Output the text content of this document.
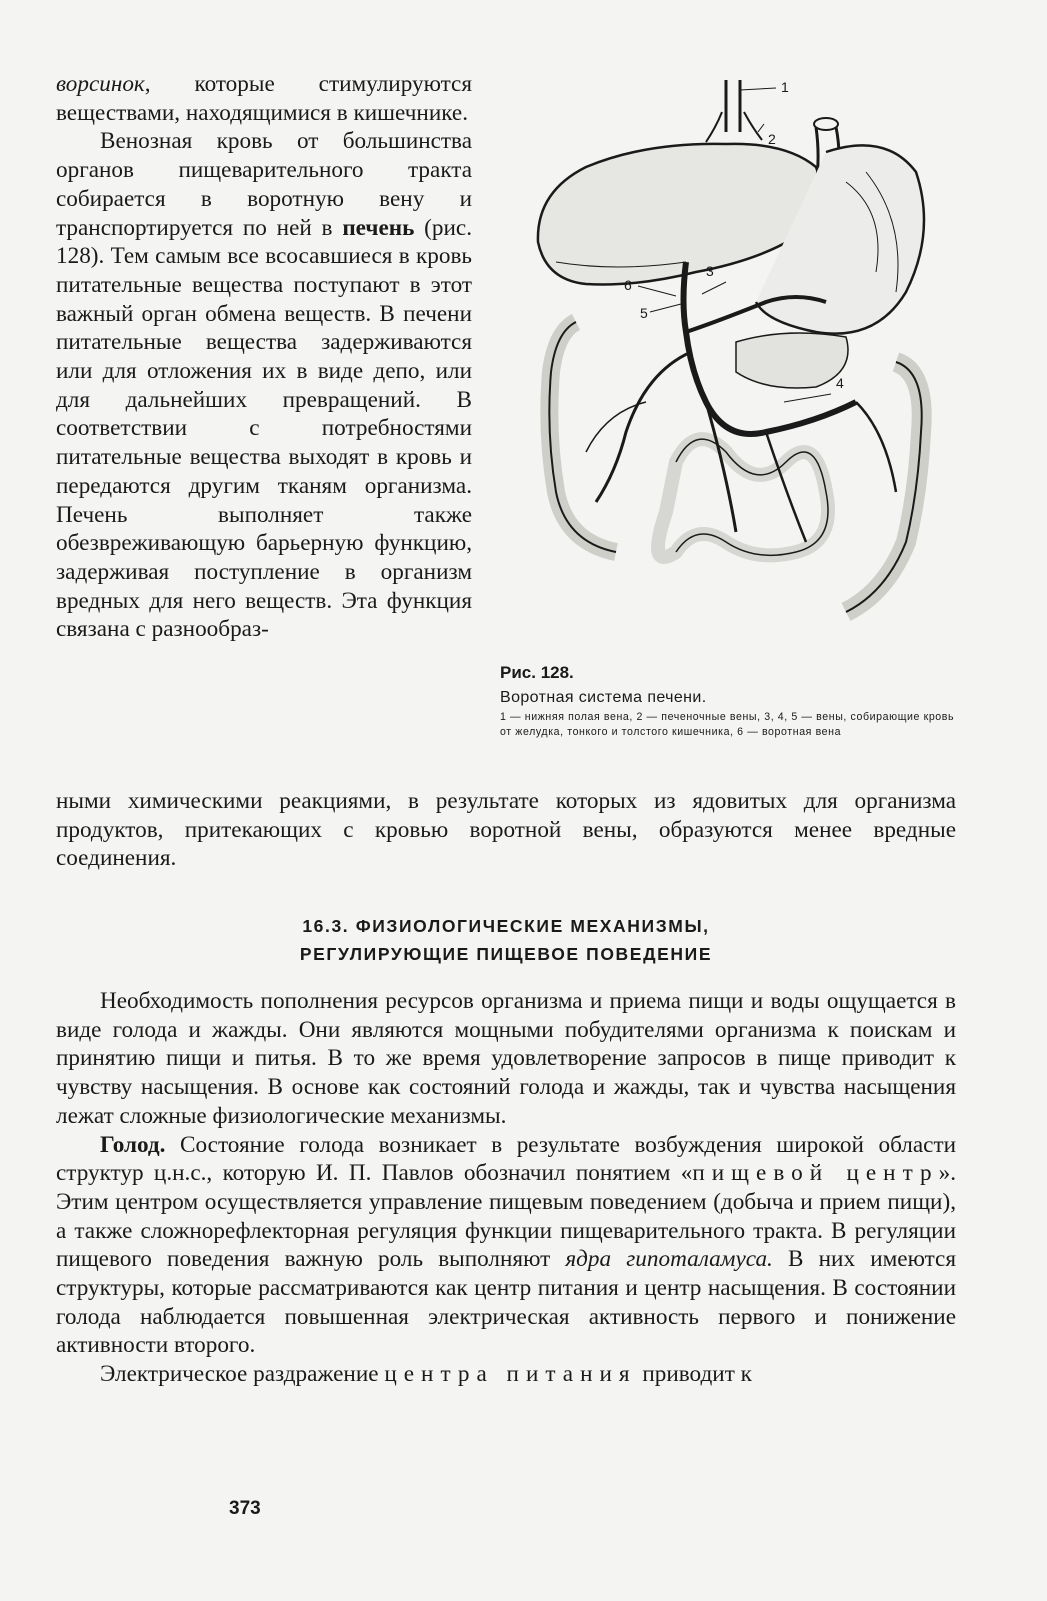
ворсинок, которые стимулируются веществами, находящимися в кишечнике.

Венозная кровь от большинства органов пищеварительного тракта собирается в воротную вену и транспортируется по ней в печень (рис. 128). Тем самым все всосавшиеся в кровь питательные вещества поступают в этот важный орган обмена веществ. В печени питательные вещества задерживаются или для отложения их в виде депо, или для дальнейших превращений. В соответствии с потребностями питательные вещества выходят в кровь и передаются другим тканям организма. Печень выполняет также обезвреживающую барьерную функцию, задерживая поступление в организм вредных для него веществ. Эта функция связана с разнообраз-

ными химическими реакциями, в результате которых из ядовитых для организма продуктов, притекающих с кровью воротной вены, образуются менее вредные соединения.

1
2
3
4
5
6

Рис. 128.

Воротная система печени.

1 — нижняя полая вена, 2 — печеночные вены, 3, 4, 5 — вены, собирающие кровь от желудка, тонкого и толстого кишечника, 6 — воротная вена

16.3. ФИЗИОЛОГИЧЕСКИЕ МЕХАНИЗМЫ,
РЕГУЛИРУЮЩИЕ ПИЩЕВОЕ ПОВЕДЕНИЕ

Необходимость пополнения ресурсов организма и приема пищи и воды ощущается в виде голода и жажды. Они являются мощными побудителями организма к поискам и принятию пищи и питья. В то же время удовлетворение запросов в пище приводит к чувству насыщения. В основе как состояний голода и жажды, так и чувства насыщения лежат сложные физиологические механизмы.

Голод. Состояние голода возникает в результате возбуждения широкой области структур ц.н.с., которую И. П. Павлов обозначил понятием «пищевой центр». Этим центром осуществляется управление пищевым поведением (добыча и прием пищи), а также сложнорефлекторная регуляция функции пищеварительного тракта. В регуляции пищевого поведения важную роль выполняют ядра гипоталамуса. В них имеются структуры, которые рассматриваются как центр питания и центр насыщения. В состоянии голода наблюдается повышенная электрическая активность первого и понижение активности второго.

Электрическое раздражение центра питания приводит к

373
